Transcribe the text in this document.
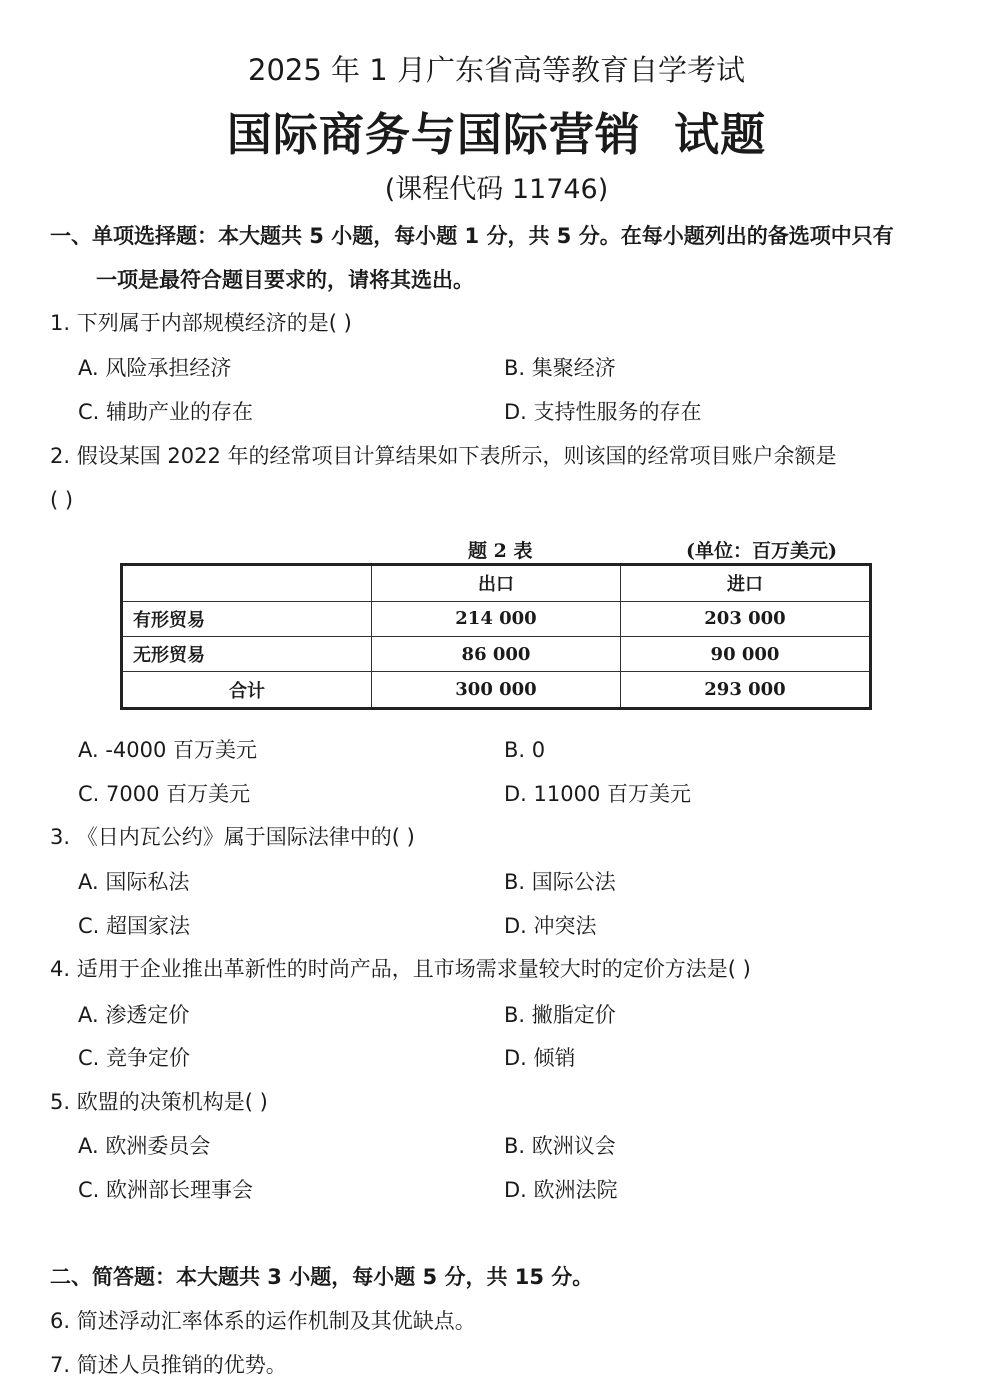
2025 年 1 月广东省高等教育自学考试
国际商务与国际营销  试题
(课程代码 11746)
一、单项选择题：本大题共 5 小题，每小题 1 分，共 5 分。在每小题列出的备选项中只有
一项是最符合题目要求的，请将其选出。
1. 下列属于内部规模经济的是( )
A. 风险承担经济	B. 集聚经济
C. 辅助产业的存在	D. 支持性服务的存在
2. 假设某国 2022 年的经常项目计算结果如下表所示，则该国的经常项目账户余额是
( )
题 2 表	(单位：百万美元)
	出口	进口
有形贸易	214 000	203 000
无形贸易	86 000	90 000
合计	300 000	293 000
A. -4000 百万美元	B. 0
C. 7000 百万美元	D. 11000 百万美元
3. 《日内瓦公约》属于国际法律中的( )
A. 国际私法	B. 国际公法
C. 超国家法	D. 冲突法
4. 适用于企业推出革新性的时尚产品，且市场需求量较大时的定价方法是( )
A. 渗透定价	B. 撇脂定价
C. 竞争定价	D. 倾销
5. 欧盟的决策机构是( )
A. 欧洲委员会	B. 欧洲议会
C. 欧洲部长理事会	D. 欧洲法院
二、简答题：本大题共 3 小题，每小题 5 分，共 15 分。
6. 简述浮动汇率体系的运作机制及其优缺点。
7. 简述人员推销的优势。
